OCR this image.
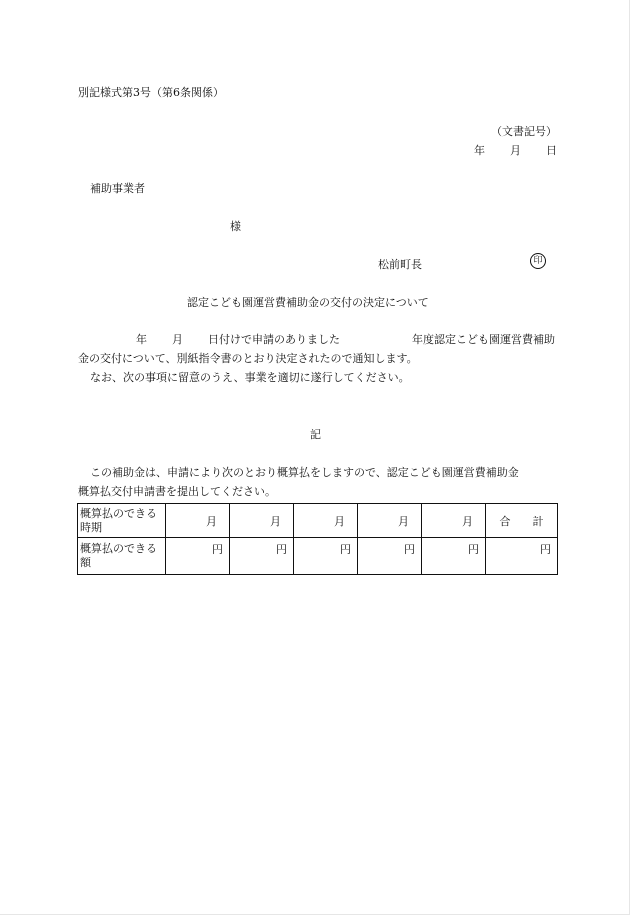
別記様式第3号（第6条関係）
（文書記号）
年 月 日
補助事業者
様
松前町長	印
認定こども園運営費補助金の交付の決定について
年 月 日付けで申請のありました	年度認定こども園運営費補助
金の交付について、別紙指令書のとおり決定されたので通知します。
なお、次の事項に留意のうえ、事業を適切に遂行してください。
記
この補助金は、申請により次のとおり概算払をしますので、認定こども園運営費補助金
概算払交付申請書を提出してください。
概算払のできる時期	月	月	月	月	月	合　　計
概算払のできる額	円	円	円	円	円	円
